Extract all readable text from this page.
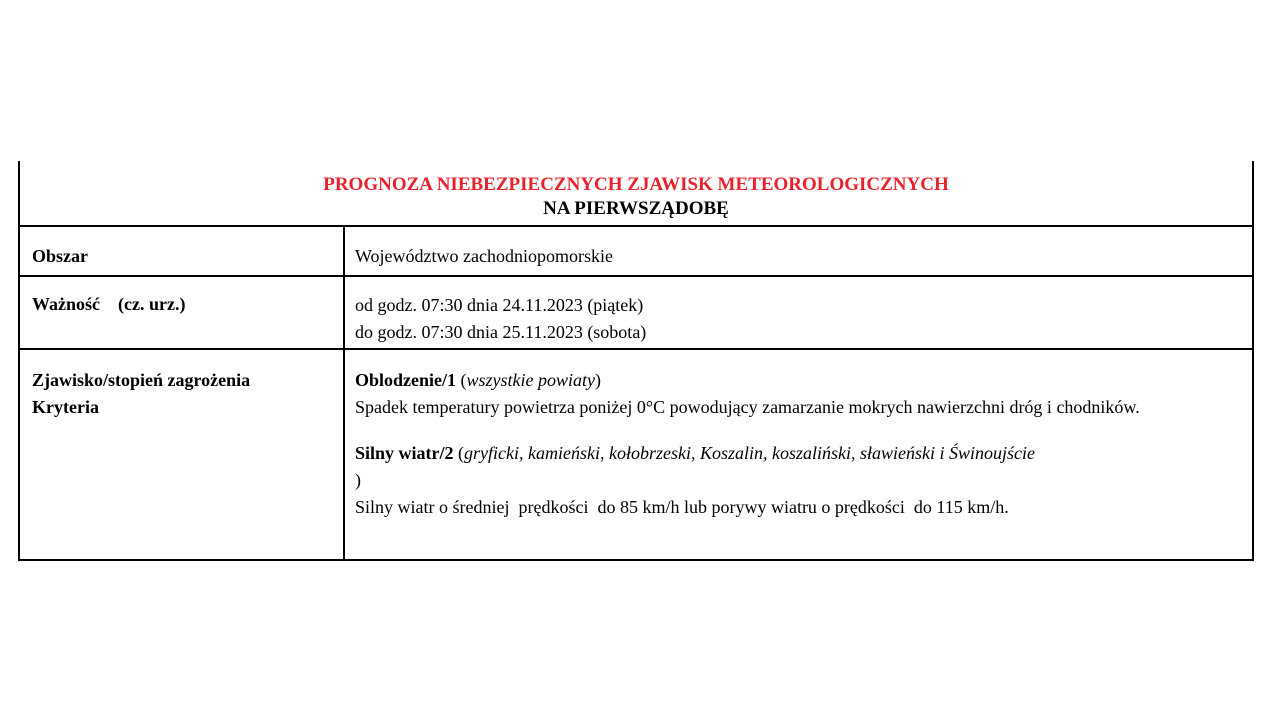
PROGNOZA NIEBEZPIECZNYCH ZJAWISK METEOROLOGICZNYCH
NA PIERWSZĄDOBĘ
Obszar	Województwo zachodniopomorskie
Ważność (cz. urz.)	od godz. 07:30 dnia 24.11.2023 (piątek)
do godz. 07:30 dnia 25.11.2023 (sobota)
Zjawisko/stopień zagrożenia
Kryteria
Oblodzenie/1 (wszystkie powiaty)
Spadek temperatury powietrza poniżej 0°C powodujący zamarzanie mokrych nawierzchni dróg i chodników.
Silny wiatr/2 (gryficki, kamieński, kołobrzeski, Koszalin, koszaliński, sławieński i Świnoujście
)
Silny wiatr o średniej  prędkości  do 85 km/h lub porywy wiatru o prędkości  do 115 km/h.
